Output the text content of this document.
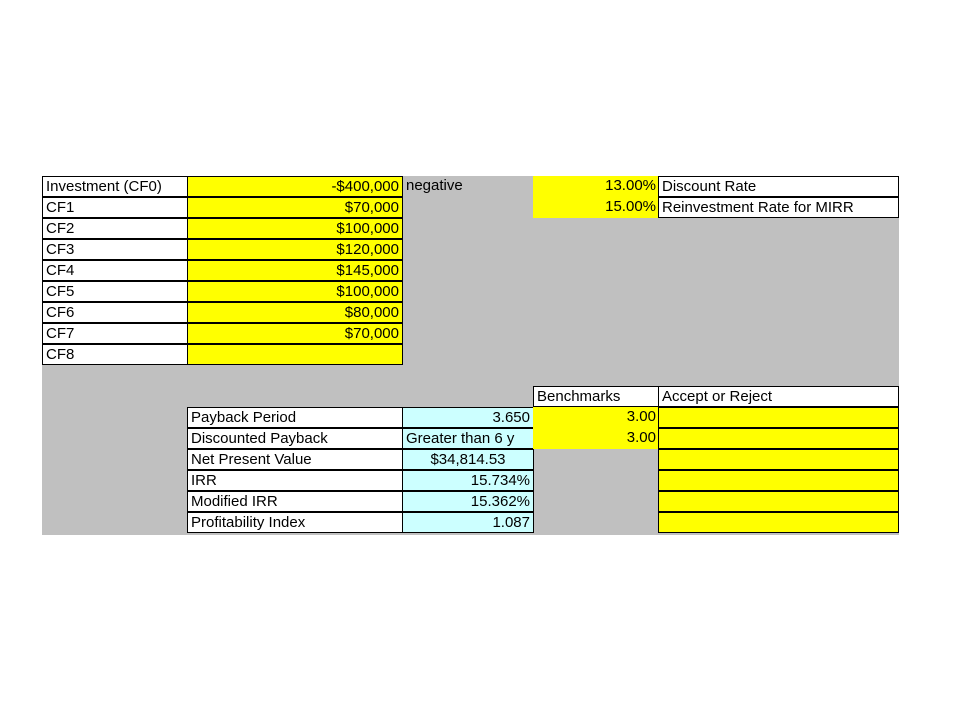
Investment (CF0)	-$400,000
CF1	$70,000
CF2	$100,000
CF3	$120,000
CF4	$145,000
CF5	$100,000
CF6	$80,000
CF7	$70,000
CF8
negative	13.00% Discount Rate
15.00% Reinvestment Rate for MIRR
Benchmarks	Accept or Reject
Payback Period	3.650	3.00
Discounted Payback	Greater than 6 y	3.00
Net Present Value	$34,814.53
IRR	15.734%
Modified IRR	15.362%
Profitability Index	1.087
